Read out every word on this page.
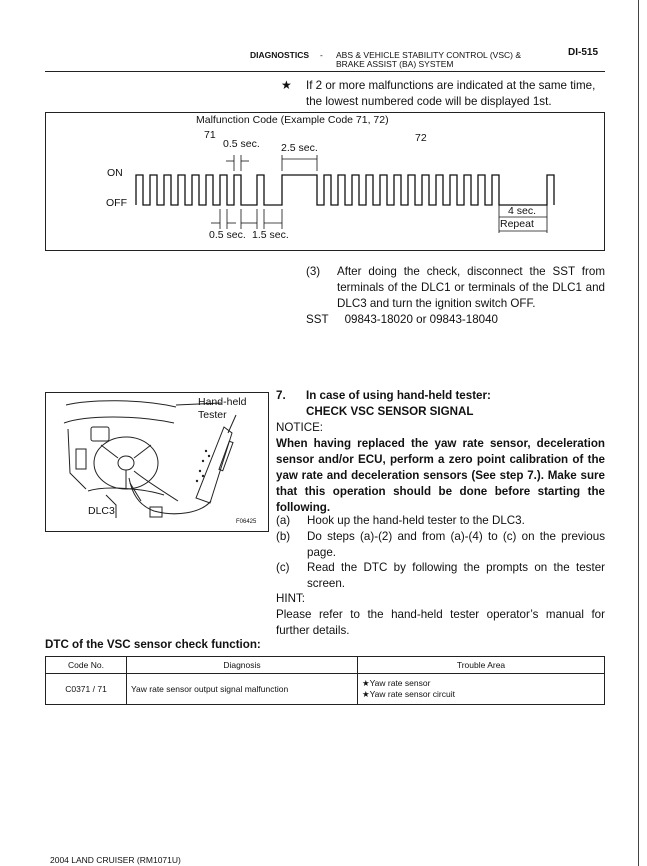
DIAGNOSTICS - ABS & VEHICLE STABILITY CONTROL (VSC) &
BRAKE ASSIST (BA) SYSTEM
DI-515
★ If 2 or more malfunctions are indicated at the same time,
the lowest numbered code will be displayed 1st.
Malfunction Code (Example Code 71, 72)
71	72
ON
OFF
0.5 sec. 2.5 sec.
0.5 sec. 1.5 sec.
4 sec.
Repeat
(3) After doing the check, disconnect the SST from terminals of the DLC1 or terminals of the DLC1 and DLC3 and turn the ignition switch OFF.
SST 09843-18020 or 09843-18040
Hand-held
Tester
DLC3
F06425
7. In case of using hand-held tester:
CHECK VSC SENSOR SIGNAL
NOTICE:
When having replaced the yaw rate sensor, deceleration sensor and/or ECU, perform a zero point calibration of the yaw rate and deceleration sensors (See step 7.). Make sure that this operation should be done before starting the following.
(a) Hook up the hand-held tester to the DLC3.
(b) Do steps (a)-(2) and from (a)-(4) to (c) on the previous page.
(c) Read the DTC by following the prompts on the tester screen.
HINT:
Please refer to the hand-held tester operator’s manual for further details.
DTC of the VSC sensor check function:
Code No.	Diagnosis	Trouble Area
C0371 / 71	Yaw rate sensor output signal malfunction	★Yaw rate sensor
★Yaw rate sensor circuit
2004 LAND CRUISER (RM1071U)
